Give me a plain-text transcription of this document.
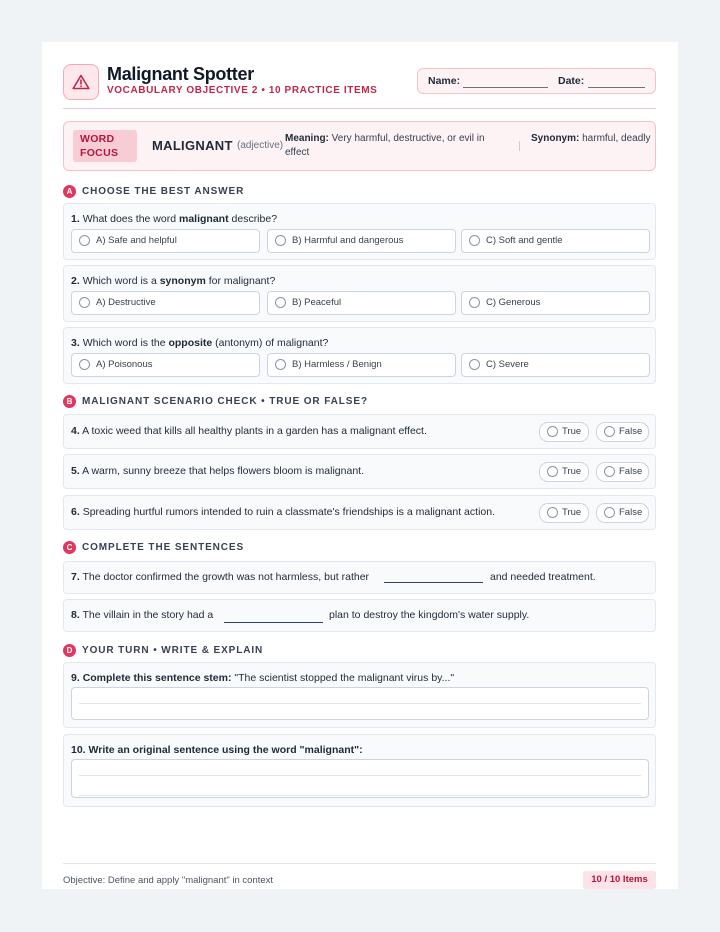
Malignant Spotter
VOCABULARY OBJECTIVE 2 • 10 PRACTICE ITEMS
Name:	Date:
WORD
FOCUS	MALIGNANT (adjective)
Meaning: Very harmful, destructive, or evil in effect
Synonym: harmful, deadly
A CHOOSE THE BEST ANSWER
1. What does the word malignant describe?
A) Safe and helpful	B) Harmful and dangerous	C) Soft and gentle
2. Which word is a synonym for malignant?
A) Destructive	B) Peaceful	C) Generous
3. Which word is the opposite (antonym) of malignant?
A) Poisonous	B) Harmless / Benign	C) Severe
B MALIGNANT SCENARIO CHECK • TRUE OR FALSE?
4. A toxic weed that kills all healthy plants in a garden has a malignant effect.	True	False
5. A warm, sunny breeze that helps flowers bloom is malignant.	True	False
6. Spreading hurtful rumors intended to ruin a classmate's friendships is a malignant action.	True	False
C COMPLETE THE SENTENCES
7. The doctor confirmed the growth was not harmless, but rather	and needed treatment.
8. The villain in the story had a	plan to destroy the kingdom's water supply.
D YOUR TURN • WRITE & EXPLAIN
9. Complete this sentence stem: "The scientist stopped the malignant virus by..."
10. Write an original sentence using the word "malignant":
Objective: Define and apply "malignant" in context	10 / 10 Items
